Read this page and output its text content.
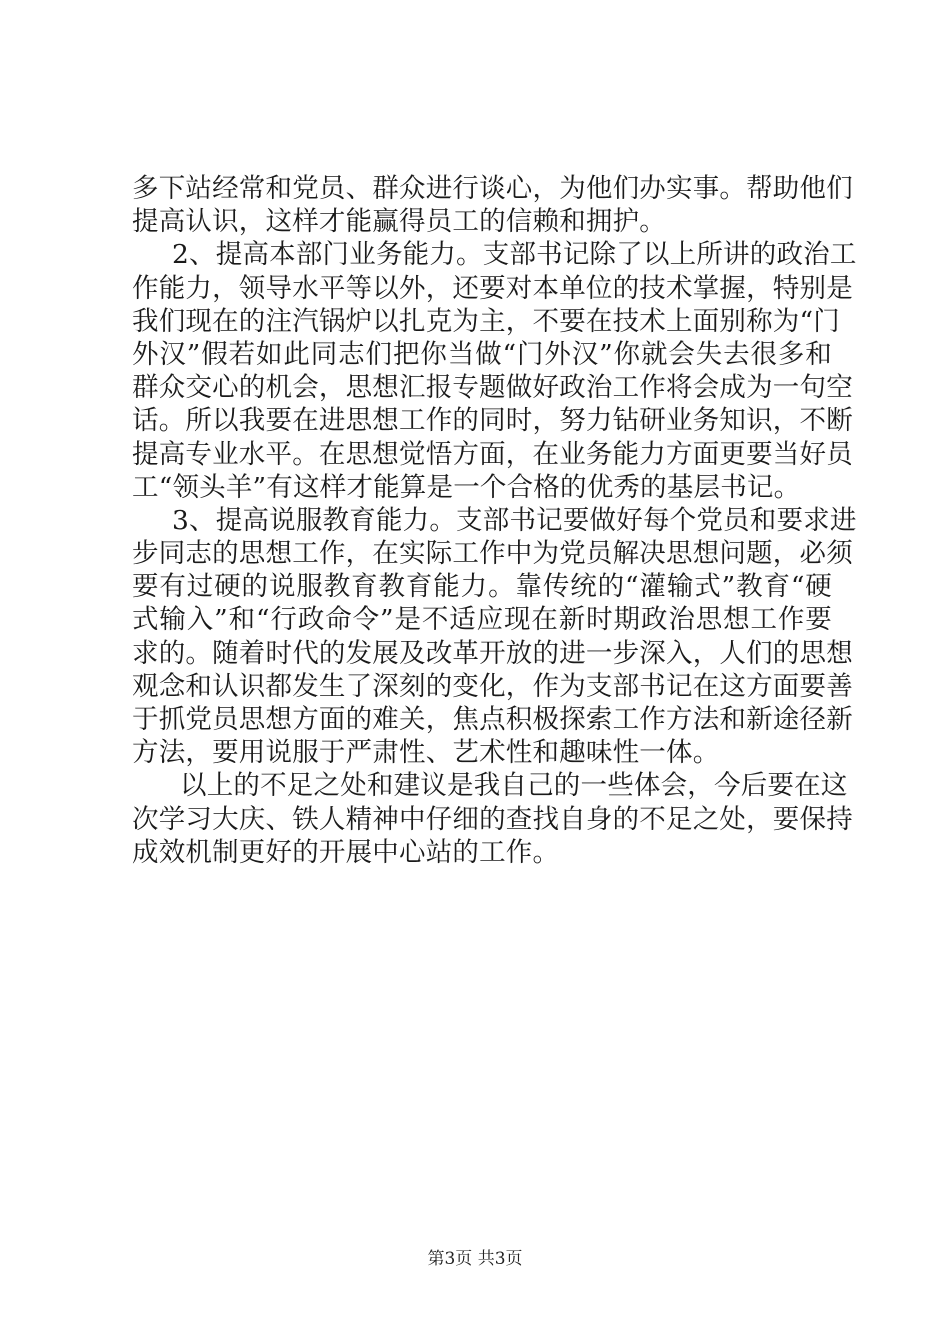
多下站经常和党员、群众进行谈心，为他们办实事。帮助他们
提高认识，这样才能赢得员工的信赖和拥护。
2、提高本部门业务能力。支部书记除了以上所讲的政治工
作能力，领导水平等以外，还要对本单位的技术掌握，特别是
我们现在的注汽锅炉以扎克为主，不要在技术上面别称为“门
外汉”假若如此同志们把你当做“门外汉”你就会失去很多和
群众交心的机会，思想汇报专题做好政治工作将会成为一句空
话。所以我要在进思想工作的同时，努力钻研业务知识，不断
提高专业水平。在思想觉悟方面，在业务能力方面更要当好员
工“领头羊”有这样才能算是一个合格的优秀的基层书记。
3、提高说服教育能力。支部书记要做好每个党员和要求进
步同志的思想工作，在实际工作中为党员解决思想问题，必须
要有过硬的说服教育教育能力。靠传统的“灌输式”教育“硬
式输入”和“行政命令”是不适应现在新时期政治思想工作要
求的。随着时代的发展及改革开放的进一步深入，人们的思想
观念和认识都发生了深刻的变化，作为支部书记在这方面要善
于抓党员思想方面的难关，焦点积极探索工作方法和新途径新
方法，要用说服于严肃性、艺术性和趣味性一体。
以上的不足之处和建议是我自己的一些体会，今后要在这
次学习大庆、铁人精神中仔细的查找自身的不足之处，要保持
成效机制更好的开展中心站的工作。
第3页 共3页
